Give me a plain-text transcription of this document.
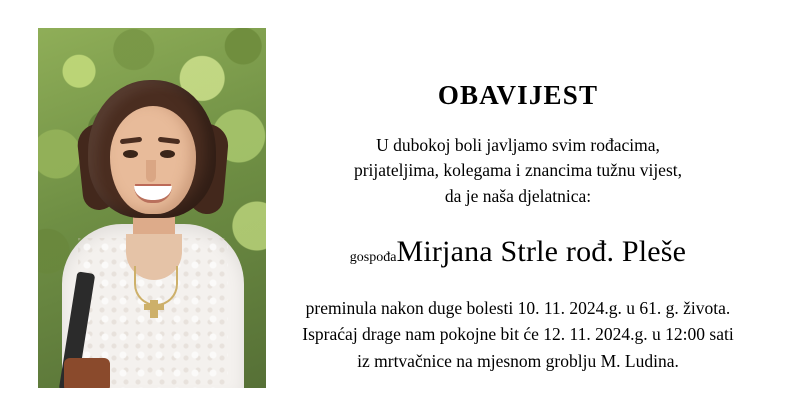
OBAVIJEST
U dubokoj boli javljamo svim rođacima,
prijateljima, kolegama i znancima tužnu vijest,
da je naša djelatnica:
gospođaMirjana Strle rođ. Pleše
preminula nakon duge bolesti 10. 11. 2024.g. u 61. g. života.
Ispraćaj drage nam pokojne bit će 12. 11. 2024.g. u 12:00 sati
iz mrtvačnice na mjesnom groblju M. Ludina.
